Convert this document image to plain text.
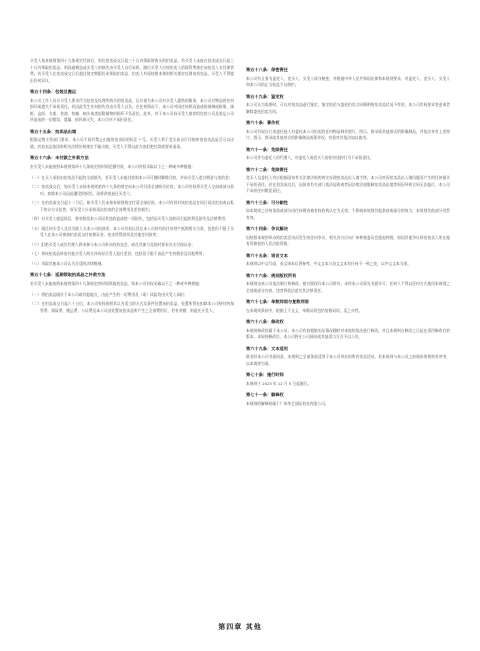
买受人按本规则第四十九条规定付款后，则在拍卖成交日起三十日内领取所购买的拍卖品。若买受人未能在拍卖成交日起三十日内领取拍卖品，则因逾期造成买受人的损失由买受人自行承担。随后买受人应按拍卖人的保管费规定向拍卖人支付保管费。若买受人在拍卖成交日后超过规定期限仍未领取拍卖品，拍卖人有权按照本规则相关规定处理该拍卖品，买受人不得提出任何异议。
第五十四条：包装及搬运
本公司工作人员应买受人要求代为包装及处理所购买的拍卖品，仅应视为本公司对买受人提供的服务，本公司对物品的任何损坏或遗失不承担责任。若因此发生任何损失均由买受人自负。在任何情况下，本公司对因任何原因造成的玻璃或框架、画框、盒匣、支架、装裱、装帧、轴头或类似附属物的损坏不负责任。此外，对于本公司向买受人推荐的包装公司及装运公司所造成的一切错误、遗漏、损坏或灭失，本公司亦不承担责任。
第五十五条：拍卖品出境
根据文物主管部门要求，本公司不再对禁止出境的拍卖标的标注 * 号。买受人须于竞买前自行详细审查拍卖品是否可以出境。若拍卖品依国家相关法律法规规定不能出境，买受人不得以此为由拒绝付款或要求退货。
第五十六条：未付款之补救方法
若买受人未能按照本规则第四十九条规定的时间足额付款，本公司有权采取以下之一种或多种措施：
（一）在买人承担由拍卖品引起的全部损失，若买受人未能付款则本公司可随时解除合约，并向买受人追讨佣金与违约金；
（二）拍卖成交后，如买受人未按本规则第四十九条的规定向本公司付清全部购买价款，本公司有权将买受人全部或部分款项，扣除本公司因此遭受的损失，再将余款退还买受人；
（三）在拍卖成交日起十二日后，如买受人仍未按本规则规定付清全部价款，本公司有权对该拍卖品在同日再次拍卖或以私下协议方式出售，原买受人应承担再次拍卖的全部费用及差价损失；
（四）对买受人提起诉讼，要求赔偿本公司因其违约造成的一切损失，包括因买受人违约而引起的利息损失及法律费用；
（五）就任何买受人及其关联人欠本公司的款项，本公司有权以其在本公司持有的任何财产抵销相关欠款，包括但不限于买受人在本公司参加拍卖而交付的保证金、拍卖所得款项及其他任何款项；
（六）拒绝买受人或其代理人将来参与本公司举办的拍卖会，或在其参与竞投时要求其支付保证金；
（七）将该拍卖品转由其他买受人购买并向原买受人追讨差价，包括但不限于由此产生的佣金及其他费用；
（八）采取其他本公司认为合适的法律措施。
第五十七条：延期领取拍卖品之补救方法
若买受人未能按照本规则第四十九条规定的时间领取拍卖品，则本公司有权采取以下之一种或多种措施：
（一）将拍卖品储存于本公司或其他地点，由此产生的一切费用及（或）风险均由买受人承担；
（二）在拍卖成交日起六十日后，本公司有权按照其认为适当的方式及条件处置该拍卖品，处置所得在扣除本公司垫付的保管费、保险费、搬运费、公证费及本公司因处置该拍卖品所产生之全部费用后，若有余额，则退还买受人。
第五十八条：保密责任
本公司有义务为委托人、竞买人、买受人保守秘密，并根据中华人民共和国法律和本规则要求，对委托人、竞买人、买受人和本公司的正当权益予以保护。
第五十九条：鉴定权
本公司认为需要时，可以对拍卖品进行鉴定。鉴定结论与委托拍卖合同载明的拍卖品状况不符的，本公司有权要求变更或者解除委托拍卖合同。
第六十条：著作权
本公司有权自行或委托他人对委托本公司拍卖的任何物品制作照片、图示、图录或其他形式的影像制品，并依法享有上述照片、图示、图录或其他形式的影像制品的著作权，有权对其依法加以使用。
第六十一条：免除责任
本公司作为委托人的代理人，对委托人或竞买人的任何违约行为不承担责任。
第六十二条：免除责任
竞买人及委托人均应根据国家有关法律法规的规定办理拍卖品出入境手续，本公司对因拍卖品出入境问题而产生的任何损失不承担责任。若在拍卖成交后，因国家有关部门依法征购或者因法律法规限制拍卖品出境等原因导致合同无法履行，本公司不承担任何赔偿责任。
第六十三条：可分割性
如本规则之任何条款或部分因任何理由被有权机构认定为无效，不影响本规则其他条款或部分的效力，本规则其他部分仍然有效。
第六十四条：争议解决
因按照本规则举办的拍卖活动而发生的任何争议，相关各方应向广州仲裁委员会提起仲裁，如因其他争议则由拍卖人所在地有管辖权的人民法院管辖。
第六十五条：语言文本
本规则以中文写成，英文译本仅供参考。中文文本与英文文本有任何不一致之处，以中文文本为准。
第六十六条：规则版权所有
本规则由本公司依法制订和修改，相应版权归本公司所有。未经本公司事先书面许可，任何人不得以任何方式使用本规则之全部或部分内容，违者将依法追究其法律责任。
第六十七条：单数同语与复数同语
在本规则条款中，根据上下文义，单数词语包括复数词语，反之亦然。
第六十八条：修改权
本规则修改权属于本公司，本公司有权根据实际情况随时对本规则依法进行修改，并且本规则自修改之日起在适用修改后的版本。本规则修改后，本公司将在公司网站或其他适当方式予以公告。
第六十九条：文本适用
除非经本公司书面同意，本规则之全部条款适用于本公司举办的所有拍卖活动。若本规则与本公司之前颁布的规则有冲突，以本规则为准。
第七十条：施行时间
本规则于 2023 年 12 月 5 日起施行。
第七十一条：解释权
本规则的解释权属于广州华艺国际拍卖有限公司。
第四章 其他
